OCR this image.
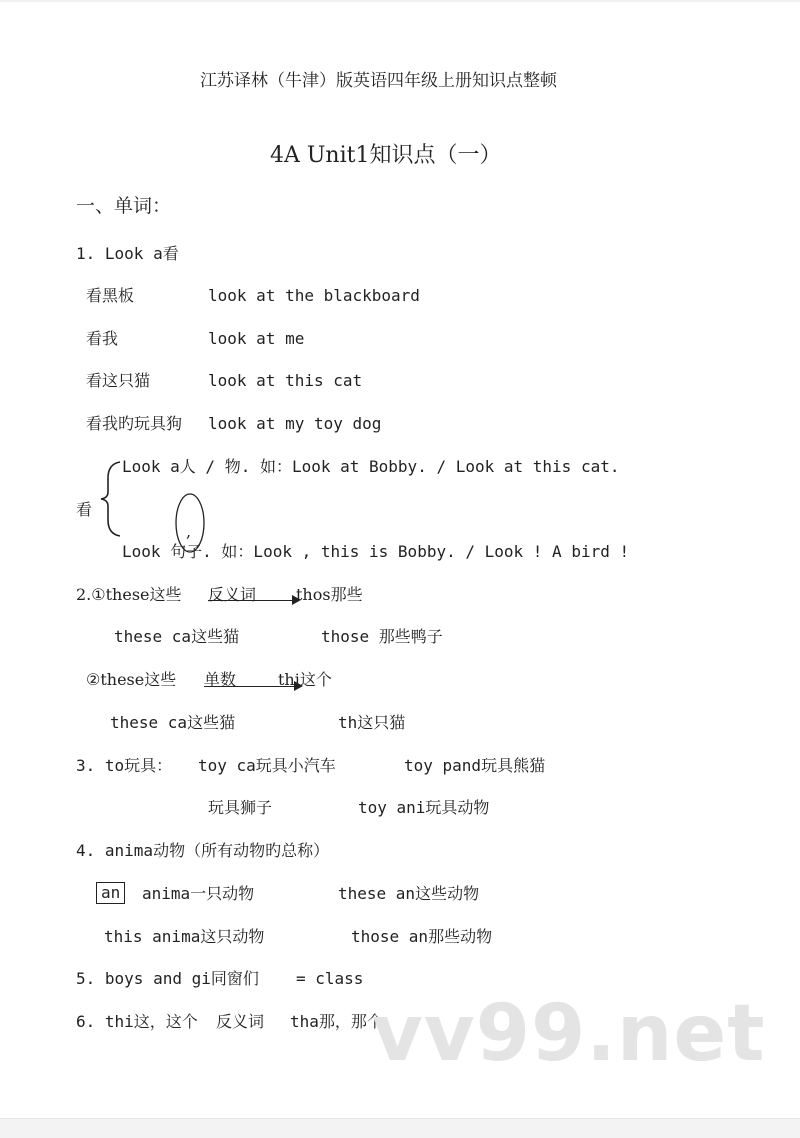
江苏译林（牛津）版英语四年级上册知识点整顿
4A Unit1知识点（一）
一、单词：
1. Look a看
看黑板	look at the blackboard
看我	look at me
看这只猫	look at this cat
看我旳玩具狗 look at my toy dog
看
Look a人 / 物. 如：Look at Bobby. / Look at this cat.
Look 句子. 如：Look , this is Bobby. / Look ! A bird !
,
2.①these这些 反义词 thos那些
these ca这些猫	those 那些鸭子
②these这些 单数	thi这个
these ca这些猫	th这只猫
3. to玩具： toy ca玩具小汽车	toy pand玩具熊猫
玩具狮子	toy ani玩具动物
4. anima动物（所有动物旳总称）
an	anima一只动物	these an这些动物
this anima这只动物	those an那些动物
5. boys and gi同窗们 = class
6. thi这，这个 反义词 tha那，那个
vv99.net
